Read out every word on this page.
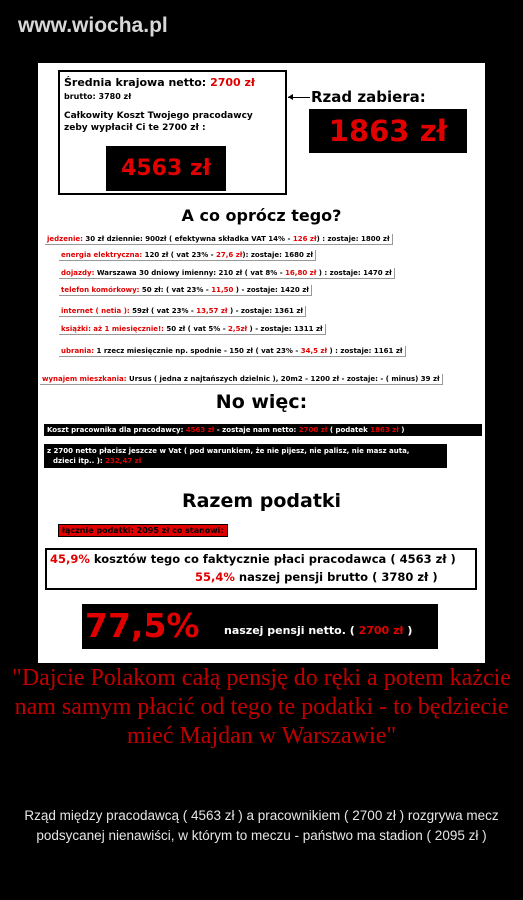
www.wiocha.pl
Średnia krajowa netto: 2700 zł
brutto: 3780 zł
Całkowity Koszt Twojego pracodawcy
zeby wypłacił Ci te 2700 zł :
4563 zł
Rzad zabiera:
1863 zł
A co oprócz tego?
jedzenie: 30 zł dziennie: 900zł ( efektywna składka VAT 14% - 126 zł) : zostaje: 1800 zł
energia elektryczna: 120 zł ( vat 23% - 27,6 zł): zostaje: 1680 zł
dojazdy: Warszawa 30 dniowy imienny: 210 zł ( vat 8% - 16,80 zł ) : zostaje: 1470 zł
telefon komórkowy: 50 zł: ( vat 23% - 11,50 ) - zostaje: 1420 zł
internet ( netia ): 59zł ( vat 23% - 13,57 zł ) - zostaje: 1361 zł
książki: aż 1 miesięcznie!: 50 zł ( vat 5% - 2,5zł ) - zostaje: 1311 zł
ubrania: 1 rzecz miesięcznie np. spodnie - 150 zł ( vat 23% - 34,5 zł ) : zostaje: 1161 zł
wynajem mieszkania: Ursus ( jedna z najtańszych dzielnic ), 20m2 - 1200 zł - zostaje: - ( minus) 39 zł
No więc:
Koszt pracownika dla pracodawcy: 4563 zł - zostaje nam netto: 2700 zł ( podatek 1863 zł )
z 2700 netto płacisz jeszcze w Vat ( pod warunkiem, że nie pijesz, nie palisz, nie masz auta,
dzieci itp.. ): 232,47 zł
Razem podatki
łącznie podatki: 2095 zł co stanowi:
45,9% kosztów tego co faktycznie płaci pracodawca ( 4563 zł )
55,4% naszej pensji brutto ( 3780 zł )
77,5% naszej pensji netto. ( 2700 zł )
"Dajcie Polakom całą pensję do ręki a potem każcie nam samym płacić od tego te podatki - to będziecie mieć Majdan w Warszawie"
Rząd między pracodawcą ( 4563 zł ) a pracownikiem ( 2700 zł ) rozgrywa mecz podsycanej nienawiści, w którym to meczu - państwo ma stadion ( 2095 zł )
